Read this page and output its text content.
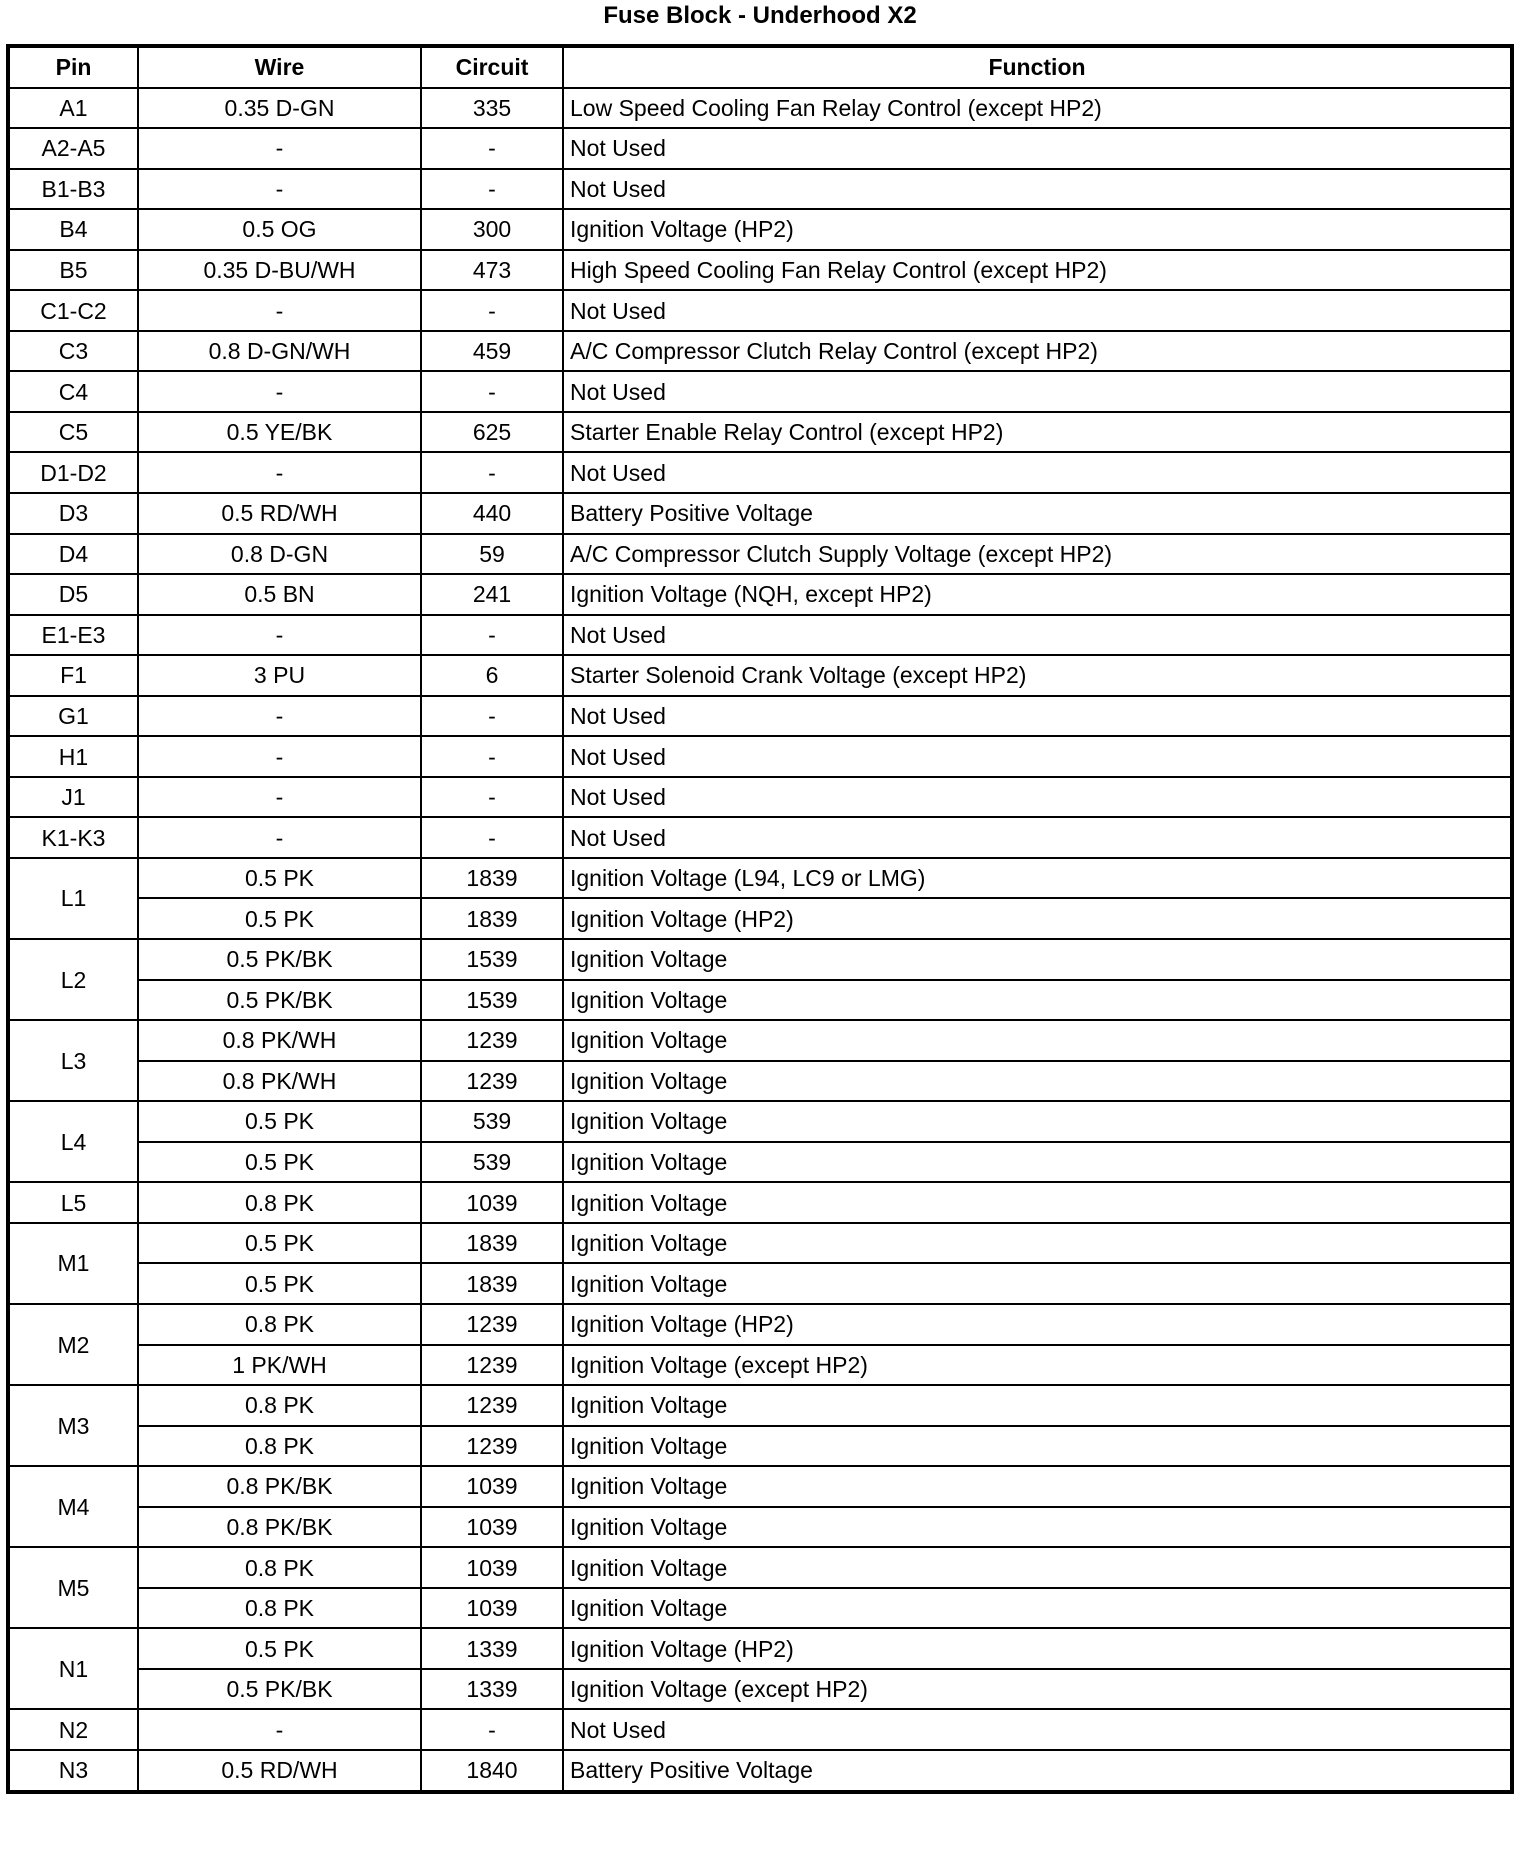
Fuse Block - Underhood X2
Pin	Wire	Circuit	Function
A1	0.35 D-GN	335	Low Speed Cooling Fan Relay Control (except HP2)
A2-A5	-	-	Not Used
B1-B3	-	-	Not Used
B4	0.5 OG	300	Ignition Voltage (HP2)
B5	0.35 D-BU/WH	473	High Speed Cooling Fan Relay Control (except HP2)
C1-C2	-	-	Not Used
C3	0.8 D-GN/WH	459	A/C Compressor Clutch Relay Control (except HP2)
C4	-	-	Not Used
C5	0.5 YE/BK	625	Starter Enable Relay Control (except HP2)
D1-D2	-	-	Not Used
D3	0.5 RD/WH	440	Battery Positive Voltage
D4	0.8 D-GN	59	A/C Compressor Clutch Supply Voltage (except HP2)
D5	0.5 BN	241	Ignition Voltage (NQH, except HP2)
E1-E3	-	-	Not Used
F1	3 PU	6	Starter Solenoid Crank Voltage (except HP2)
G1	-	-	Not Used
H1	-	-	Not Used
J1	-	-	Not Used
K1-K3	-	-	Not Used
L1	0.5 PK	1839	Ignition Voltage (L94, LC9 or LMG)
	0.5 PK	1839	Ignition Voltage (HP2)
L2	0.5 PK/BK	1539	Ignition Voltage
	0.5 PK/BK	1539	Ignition Voltage
L3	0.8 PK/WH	1239	Ignition Voltage
	0.8 PK/WH	1239	Ignition Voltage
L4	0.5 PK	539	Ignition Voltage
	0.5 PK	539	Ignition Voltage
L5	0.8 PK	1039	Ignition Voltage
M1	0.5 PK	1839	Ignition Voltage
	0.5 PK	1839	Ignition Voltage
M2	0.8 PK	1239	Ignition Voltage (HP2)
	1 PK/WH	1239	Ignition Voltage (except HP2)
M3	0.8 PK	1239	Ignition Voltage
	0.8 PK	1239	Ignition Voltage
M4	0.8 PK/BK	1039	Ignition Voltage
	0.8 PK/BK	1039	Ignition Voltage
M5	0.8 PK	1039	Ignition Voltage
	0.8 PK	1039	Ignition Voltage
N1	0.5 PK	1339	Ignition Voltage (HP2)
	0.5 PK/BK	1339	Ignition Voltage (except HP2)
N2	-	-	Not Used
N3	0.5 RD/WH	1840	Battery Positive Voltage
